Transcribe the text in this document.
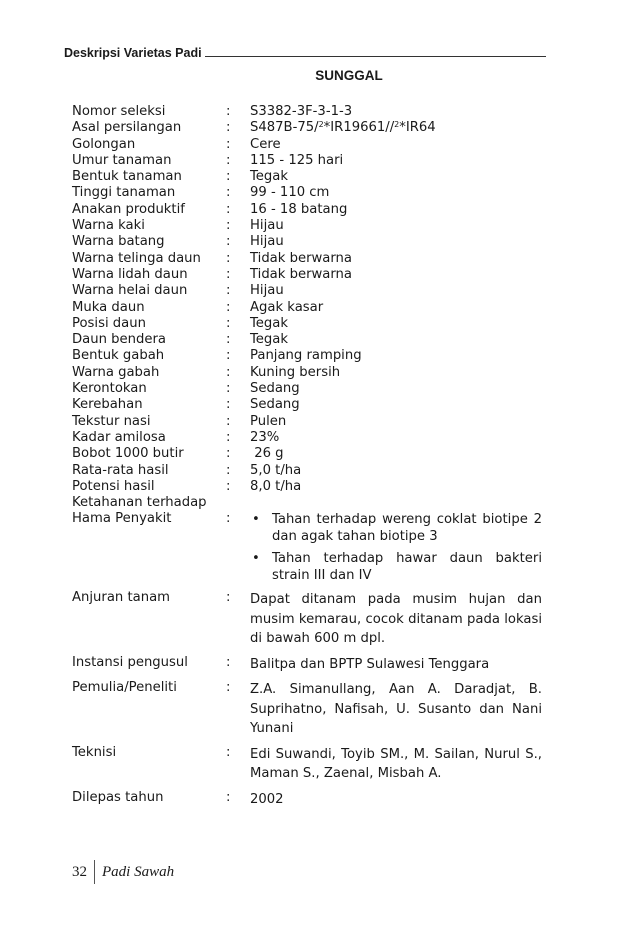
Deskripsi Varietas Padi
SUNGGAL
Nomor seleksi	:	S3382-3F-3-1-3
Asal persilangan	:	S487B-75/$^2$*IR19661//$^2$*IR64
Golongan	:	Cere
Umur tanaman	:	115 - 125 hari
Bentuk tanaman	:	Tegak
Tinggi tanaman	:	99 - 110 cm
Anakan produktif	:	16 - 18 batang
Warna kaki	:	Hijau
Warna batang	:	Hijau
Warna telinga daun	:	Tidak berwarna
Warna lidah daun	:	Tidak berwarna
Warna helai daun	:	Hijau
Muka daun	:	Agak kasar
Posisi daun	:	Tegak
Daun bendera	:	Tegak
Bentuk gabah	:	Panjang ramping
Warna gabah	:	Kuning bersih
Kerontokan	:	Sedang
Kerebahan	:	Sedang
Tekstur nasi	:	Pulen
Kadar amilosa	:	23%
Bobot 1000 butir	:	26 g
Rata-rata hasil	:	5,0 t/ha
Potensi hasil	:	8,0 t/ha
Ketahanan terhadap
Hama Penyakit	:	• Tahan terhadap wereng coklat biotipe 2 dan agak tahan biotipe 3
• Tahan terhadap hawar daun bakteri strain III dan IV
Anjuran tanam	:	Dapat ditanam pada musim hujan dan musim kemarau, cocok ditanam pada lokasi di bawah 600 m dpl.
Instansi pengusul	:	Balitpa dan BPTP Sulawesi Tenggara
Pemulia/Peneliti	:	Z.A. Simanullang, Aan A. Daradjat, B. Suprihatno, Nafisah, U. Susanto dan Nani Yunani
Teknisi	:	Edi Suwandi, Toyib SM., M. Sailan, Nurul S., Maman S., Zaenal, Misbah A.
Dilepas tahun	:	2002
32 Padi Sawah
